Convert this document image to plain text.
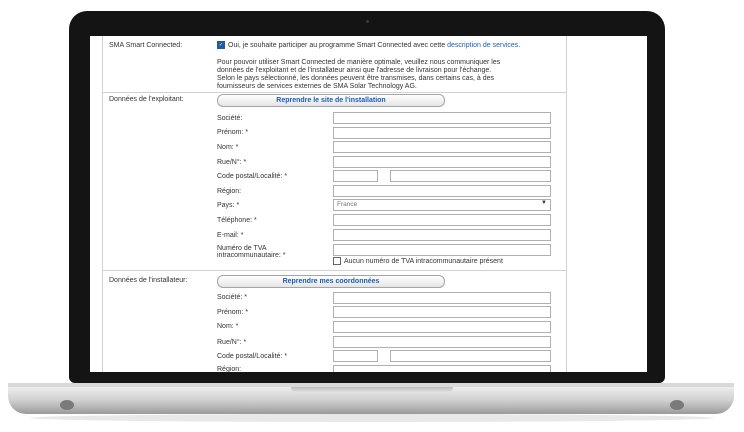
SMA Smart Connected:	✓ Oui, je souhaite participer au programme Smart Connected avec cette description de services.
Pour pouvoir utiliser Smart Connected de manière optimale, veuillez nous communiquer les
données de l'exploitant et de l'installateur ainsi que l'adresse de livraison pour l'échange.
Selon le pays sélectionné, les données peuvent être transmises, dans certains cas, à des
fournisseurs de services externes de SMA Solar Technology AG.
Données de l'exploitant:	Reprendre le site de l'installation
Société:
Prénom: *
Nom: *
Rue/N°: *
Code postal/Localité: *
Région:
Pays: *	France	▼
Téléphone: *
E-mail: *
Numéro de TVA
intracommunautaire: *
Aucun numéro de TVA intracommunautaire présent
Données de l'installateur:	Reprendre mes coordonnées
Société: *
Prénom: *
Nom: *
Rue/N°: *
Code postal/Localité: *
Région:
